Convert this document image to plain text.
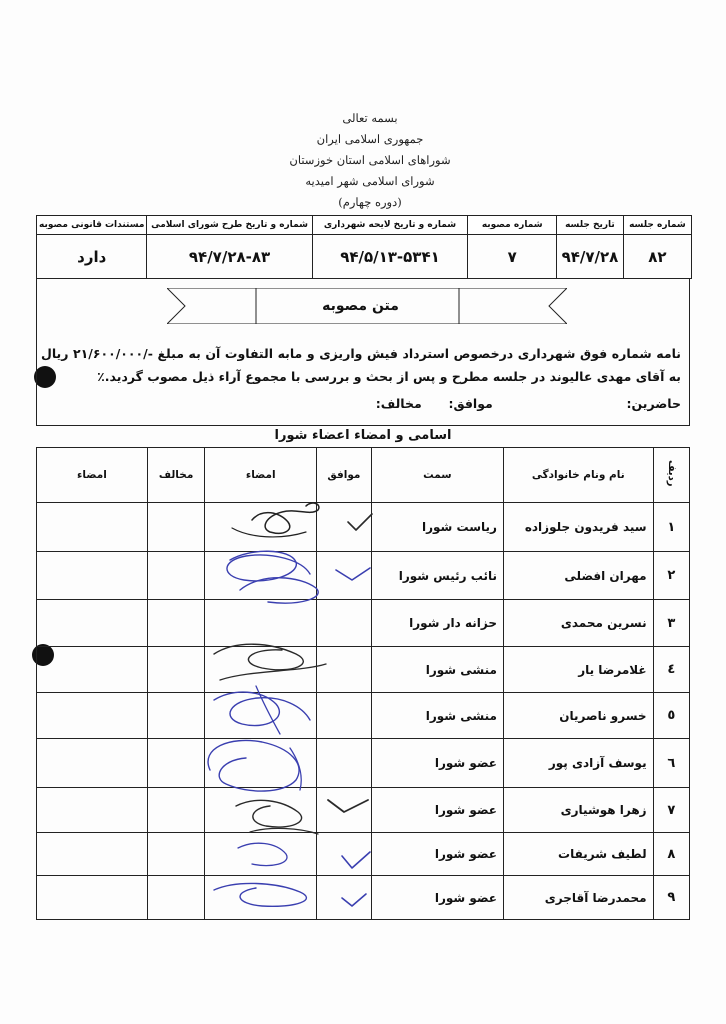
بسمه تعالی
جمهوری اسلامی ایران
شوراهای اسلامی استان خوزستان
شورای اسلامی شهر امیدیه
(دوره چهارم)
شماره جلسه	تاریخ جلسه	شماره مصوبه	شماره و تاریخ لایحه شهرداری	شماره و تاریخ طرح شورای اسلامی	مستندات قانونی مصوبه
۸۲	۹۴/۷/۲۸	۷	۹۴/۵/۱۳-۵۳۴۱	۹۴/۷/۲۸-۸۳	دارد
متن مصوبه
نامه شماره فوق شهرداری درخصوص استرداد فیش واریزی و مابه التفاوت آن به مبلغ -/۲۱/۶۰۰/۰۰۰ ریال به آقای مهدی عالیوند در جلسه مطرح و پس از بحث و بررسی با مجموع آراء ذیل مصوب گردید.٪
حاضرین:  موافق:  مخالف:
اسامی و امضاء اعضاء شورا
ردیف	نام ونام خانوادگی	سمت	موافق	امضاء	مخالف	امضاء
۱	سید فریدون جلوزاده	ریاست شورا				
۲	مهران افضلی	نائب رئیس شورا				
۳	نسرین محمدی	حزانه دار شورا				
٤	غلامرضا یار	منشی شورا				
٥	خسرو ناصریان	منشی شورا				
٦	یوسف آزادی پور	عضو شورا				
۷	زهرا هوشیاری	عضو شورا				
۸	لطیف شریفات	عضو شورا				
۹	محمدرضا آقاجری	عضو شورا				
